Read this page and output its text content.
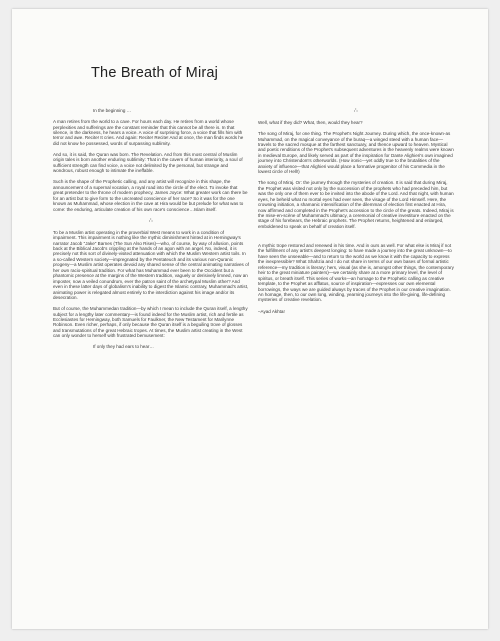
The Breath of Miraj

In the beginning …

A man retires from the world to a cave. For hours each day. He retires from a world whose perplexities and sufferings are the constant reminder that this cannot be all there is. In that silence, in the darkness, he hears a voice. A voice of surprising force, a voice that fills him with terror and awe. Recite! It cries. And again: Recite! Recite! And at once, the man finds words he did not know he possessed, words of surpassing sublimity.

And so, it is said, the Quran was born. The Revelation. And from this most central of Muslim origin tales is born another enduring sublimity: That in the cavern of human interiority, a soul of sufficient strength can find voice, a voice not delimited by the personal, but strange and wondrous, robust enough to intimate the ineffable.

Such is the shape of the Prophetic calling, and any artist will recognize in this shape, the announcement of a supernal vocation, a royal road into the circle of the elect. To invoke that great pretender to the throne of modern prophecy, James Joyce: What greater work can there be for an artist but to give form to the uncreated conscience of her race? So it was for the one known as Muhammad, whose election in the cave at Hira would be but prelude for what was to come: the enduring, articulate creation of his own race's conscience…Islam itself.

∴

To be a Muslim artist operating in the proverbial West means to work in a condition of impairment. This impairment is nothing like the mythic diminishment hinted at in Hemingway's narrator Jacob "Jake" Barnes (The Sun Also Rises)—who, of course, by way of allusion, points back at the Biblical Jacob's crippling at the hands of an agon with an angel. No, indeed, it is precisely not this sort of divinely-visited attenuation with which the Muslim Western artist toils. In a so-called Western society—impregnated by the Pentateuch and its various non-Quranic progeny—a Muslim artist operates devoid any shared sense of the central animating narratives of her own racio-spiritual tradition. For what has Muhammad ever been to the Occident but a phantomic presence at the margins of the Western tradition, vaguely or derisively limned, now an imposter, now a veiled conundrum, ever the patron saint of the archetypal Muslim other? And even in these latter days of globalism's inability to digest the Islamic contrary, Muhammad's artist, animating power is relegated almost entirely to the interdiction against his image and/or its desecration.

But of course, the Muhammedan tradition—by which I mean to include the Quran itself, a lengthy subject for a lengthy later commentary—is found indeed for the Muslim artist, rich and fertile as Ecclesiastes for Hemingway, both Samuels for Faulkner, the New Testament for Marilynne Robinson. Even richer, perhaps, if only because the Quran itself is a beguiling trove of glosses and transmutations of the great Hebraic tropes. At times, the Muslim artist creating in the West can only wonder to herself with frustrated bemusement:

If only they had ears to hear…

∴

Well, what if they did? What, then, would they hear?

The song of Miraj, for one thing. The Prophet's Night Journey. During which, the once-known-as Muhammad, on the magical conveyance of the buraq—a winged steed with a human face—travels to the sacred mosque at the farthest sanctuary, and thence upward to heaven. Mystical and poetic renditions of the Prophet's subsequent adventures in the heavenly realms were known in medieval Europe, and likely served as part of the inspiration for Dante Alighieri's own imagined journey into Christendom's otherworlds. (How ironic—yet oddly true to the brutalities of the anxiety of influence—that Alighieri would place a formative progenitor of his Commedia in the lowest circle of Hell!)

The song of Miraj. Or: the journey through the mysteries of creation. It is said that during Miraj, the Prophet was visited not only by the succession of the prophets who had preceded him, but was the only one of them ever to be invited into the abode of the Lord. And that night, with human eyes, he beheld what no mortal eyes had ever seen, the visage of the Lord Himself. Here, the crowning initiation, a shamanic intensification of the dilemmas of election first enacted at Hira, now affirmed and completed in the Prophet's accession to the circle of the greats. Indeed, Miraj is the mise-en-scène of Muhammad's ultimacy, a ceremonial of creative investiture enacted on the stage of his forebears, the Hebraic prophets. The Prophet returns, heightened and enlarged, emboldened to speak on behalf of creation itself.

A mythic trope restored and renewed in his time. And in ours as well. For what else is Miraj if not the fulfillment of any artist's deepest longing: to have made a journey into the great unknown—to have seen the unseeable—and to return to the world as we know it with the capacity to express the inexpressible? What Shahzia and I do not share in terms of our own bases of formal artistic reference—my tradition is literary; hers, visual (as she is, amongst other things, the contemporary heir to the great miniature painters)—we certainly share at a more primary level, the level of spiritus, or breath itself. This series of works—an homage to the Prophetic calling as creative template, to the Prophet as afflatus, source of inspiration—expresses our own elemental borrowings, the ways we are guided always by traces of the Prophet in our creative imagination. An homage, then, to our own long, winding, yearning journeys into the life-giving, life-defining mysteries of creative revelation.

–Ayad Akhtar
